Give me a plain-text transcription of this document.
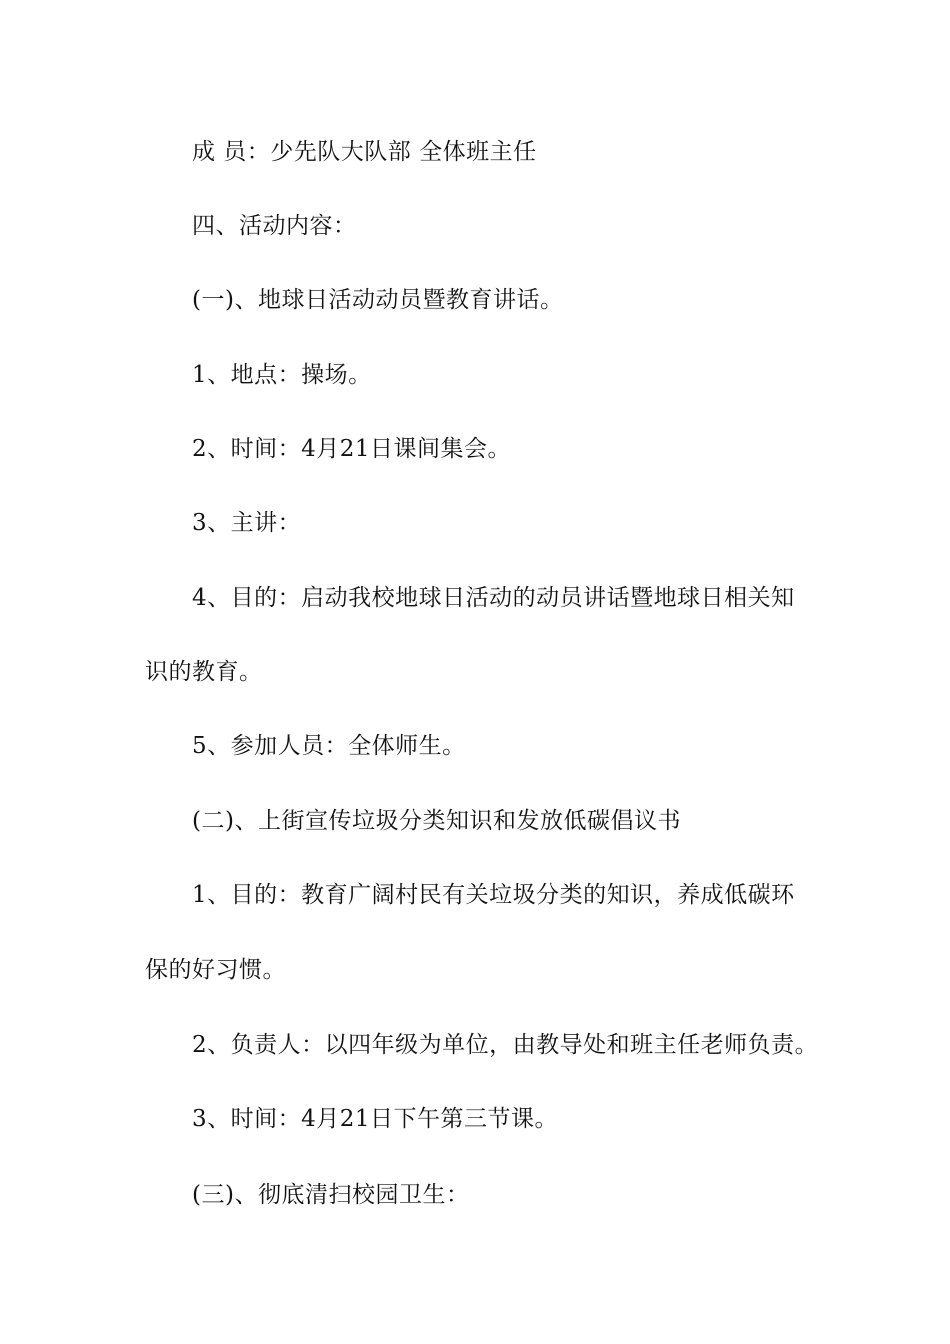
成 员：少先队大队部 全体班主任
四、活动内容：
(一)、地球日活动动员暨教育讲话。
1、地点：操场。
2、时间：4月21日课间集会。
3、主讲：
4、目的：启动我校地球日活动的动员讲话暨地球日相关知
识的教育。
5、参加人员：全体师生。
(二)、上街宣传垃圾分类知识和发放低碳倡议书
1、目的：教育广阔村民有关垃圾分类的知识，养成低碳环
保的好习惯。
2、负责人：以四年级为单位，由教导处和班主任老师负责。
3、时间：4月21日下午第三节课。
(三)、彻底清扫校园卫生：
